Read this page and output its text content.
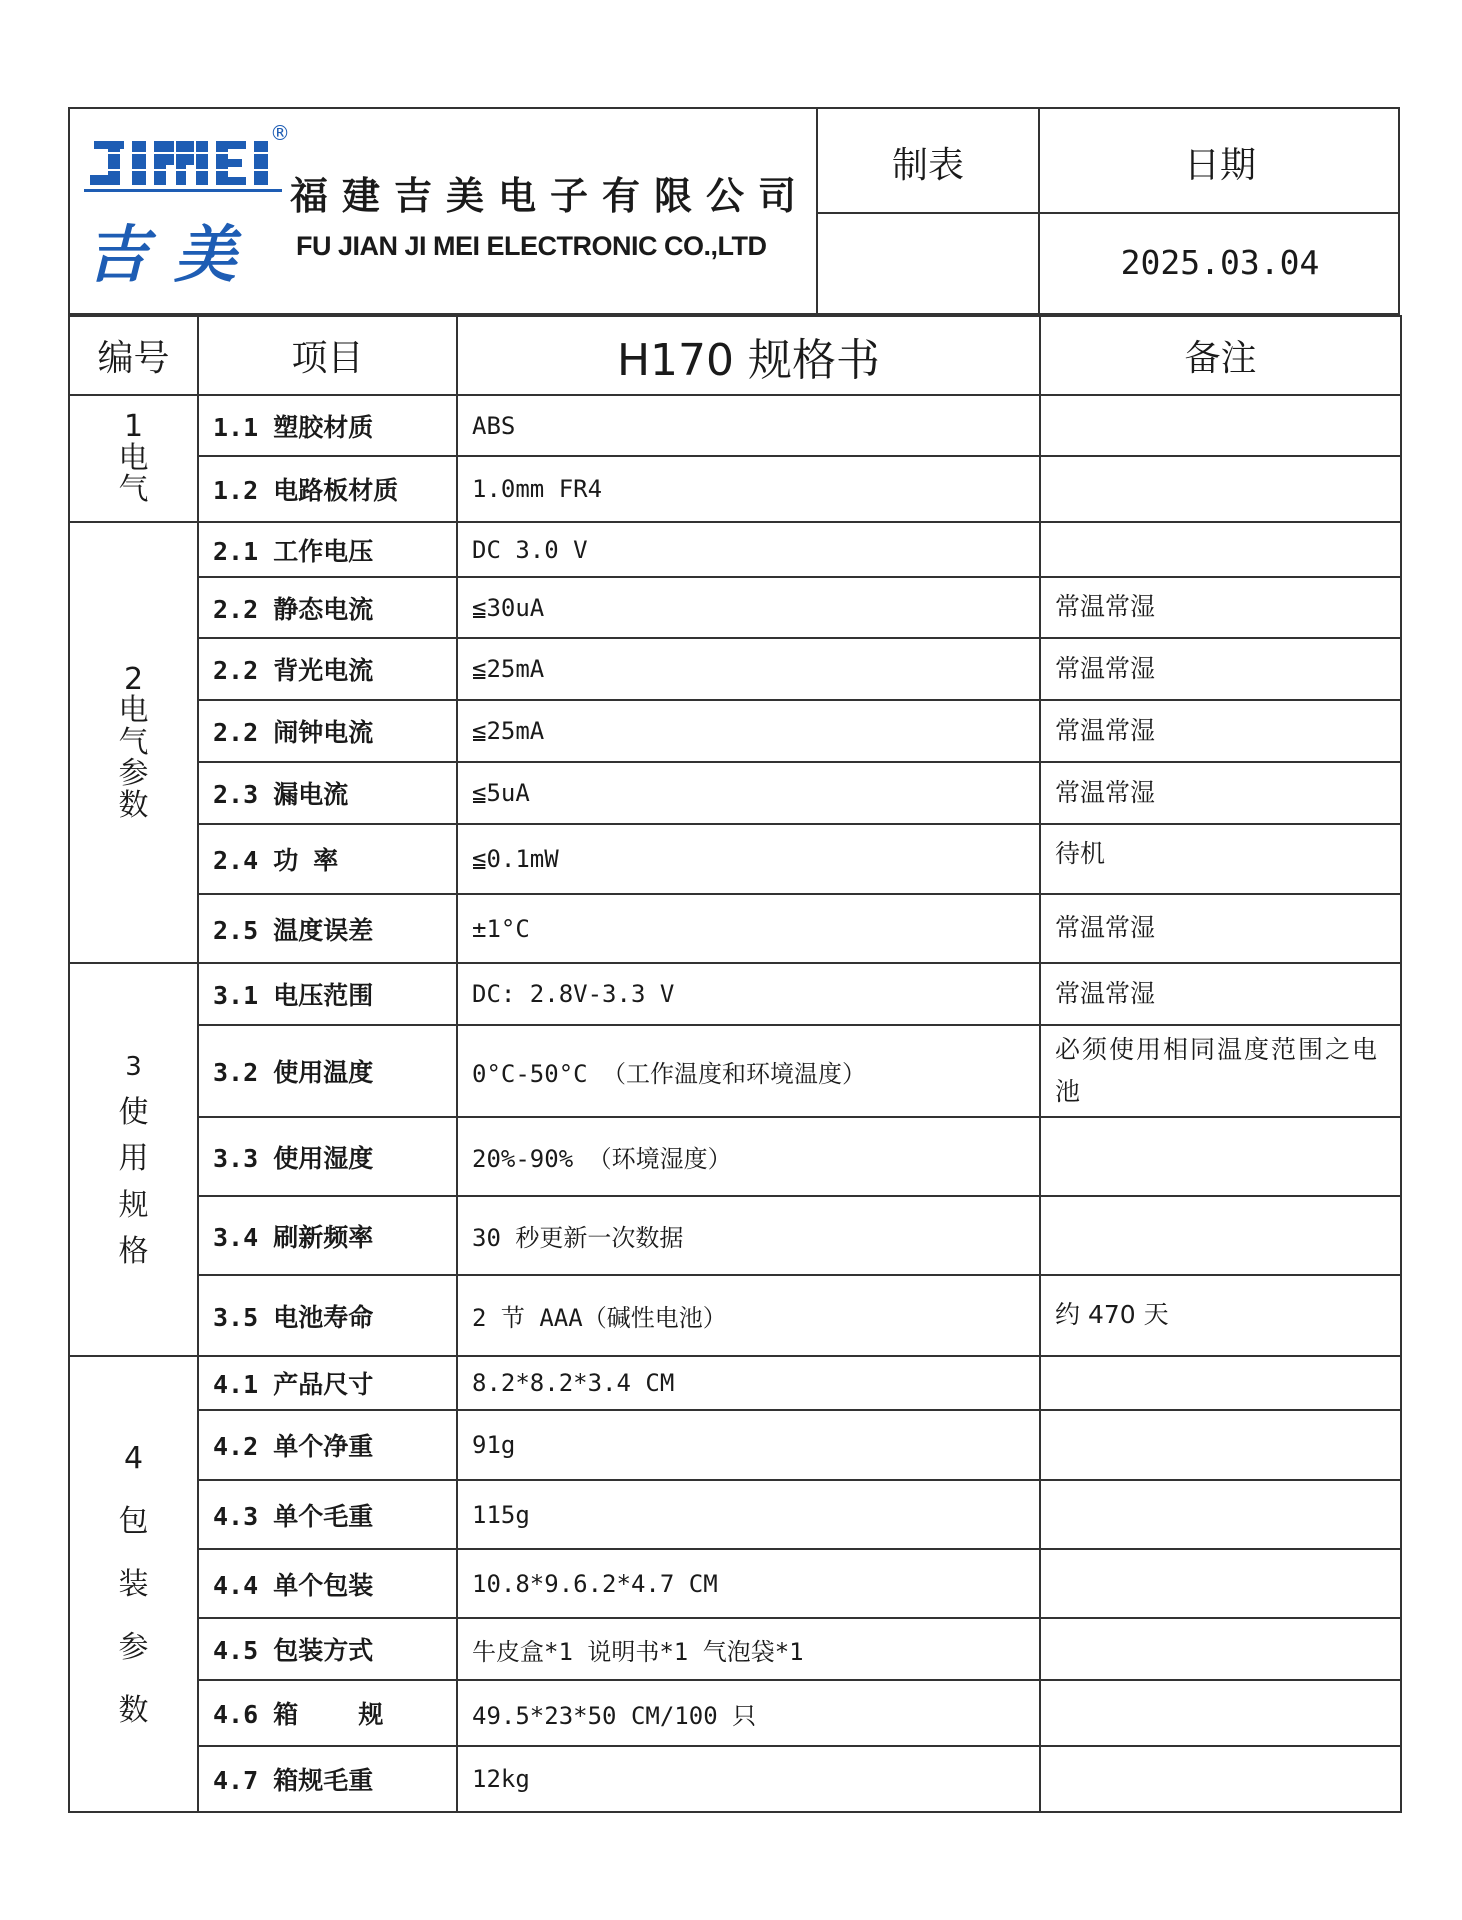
®
吉美
福建吉美电子有限公司
FU JIAN JI MEI ELECTRONIC CO.,LTD
制表	日期
2025.03.04
编号	项目	H170 规格书	备注
1
电
气	1.1 塑胶材质	ABS	
	1.2 电路板材质	1.0mm FR4	
2
电
气
参
数	2.1 工作电压	DC 3.0 V	
	2.2 静态电流	≦30uA	常温常湿
	2.2 背光电流	≦25mA	常温常湿
	2.2 闹钟电流	≦25mA	常温常湿
	2.3 漏电流	≦5uA	常温常湿
	2.4 功 率	≦0.1mW	待机
	2.5 温度误差	±1°C	常温常湿
3
使
用
规
格	3.1 电压范围	DC: 2.8V-3.3 V	常温常湿
	3.2 使用温度	0°C-50°C （工作温度和环境温度）	必须使用相同温度范围之电池
	3.3 使用湿度	20%-90% （环境湿度）	
	3.4 刷新频率	30 秒更新一次数据	
	3.5 电池寿命	2 节 AAA（碱性电池）	约 470 天
4
包
装
参
数	4.1 产品尺寸	8.2*8.2*3.4 CM	
	4.2 单个净重	91g	
	4.3 单个毛重	115g	
	4.4 单个包装	10.8*9.6.2*4.7 CM	
	4.5 包装方式	牛皮盒*1 说明书*1 气泡袋*1	
	4.6 箱    规	49.5*23*50 CM/100 只	
	4.7 箱规毛重	12kg	
